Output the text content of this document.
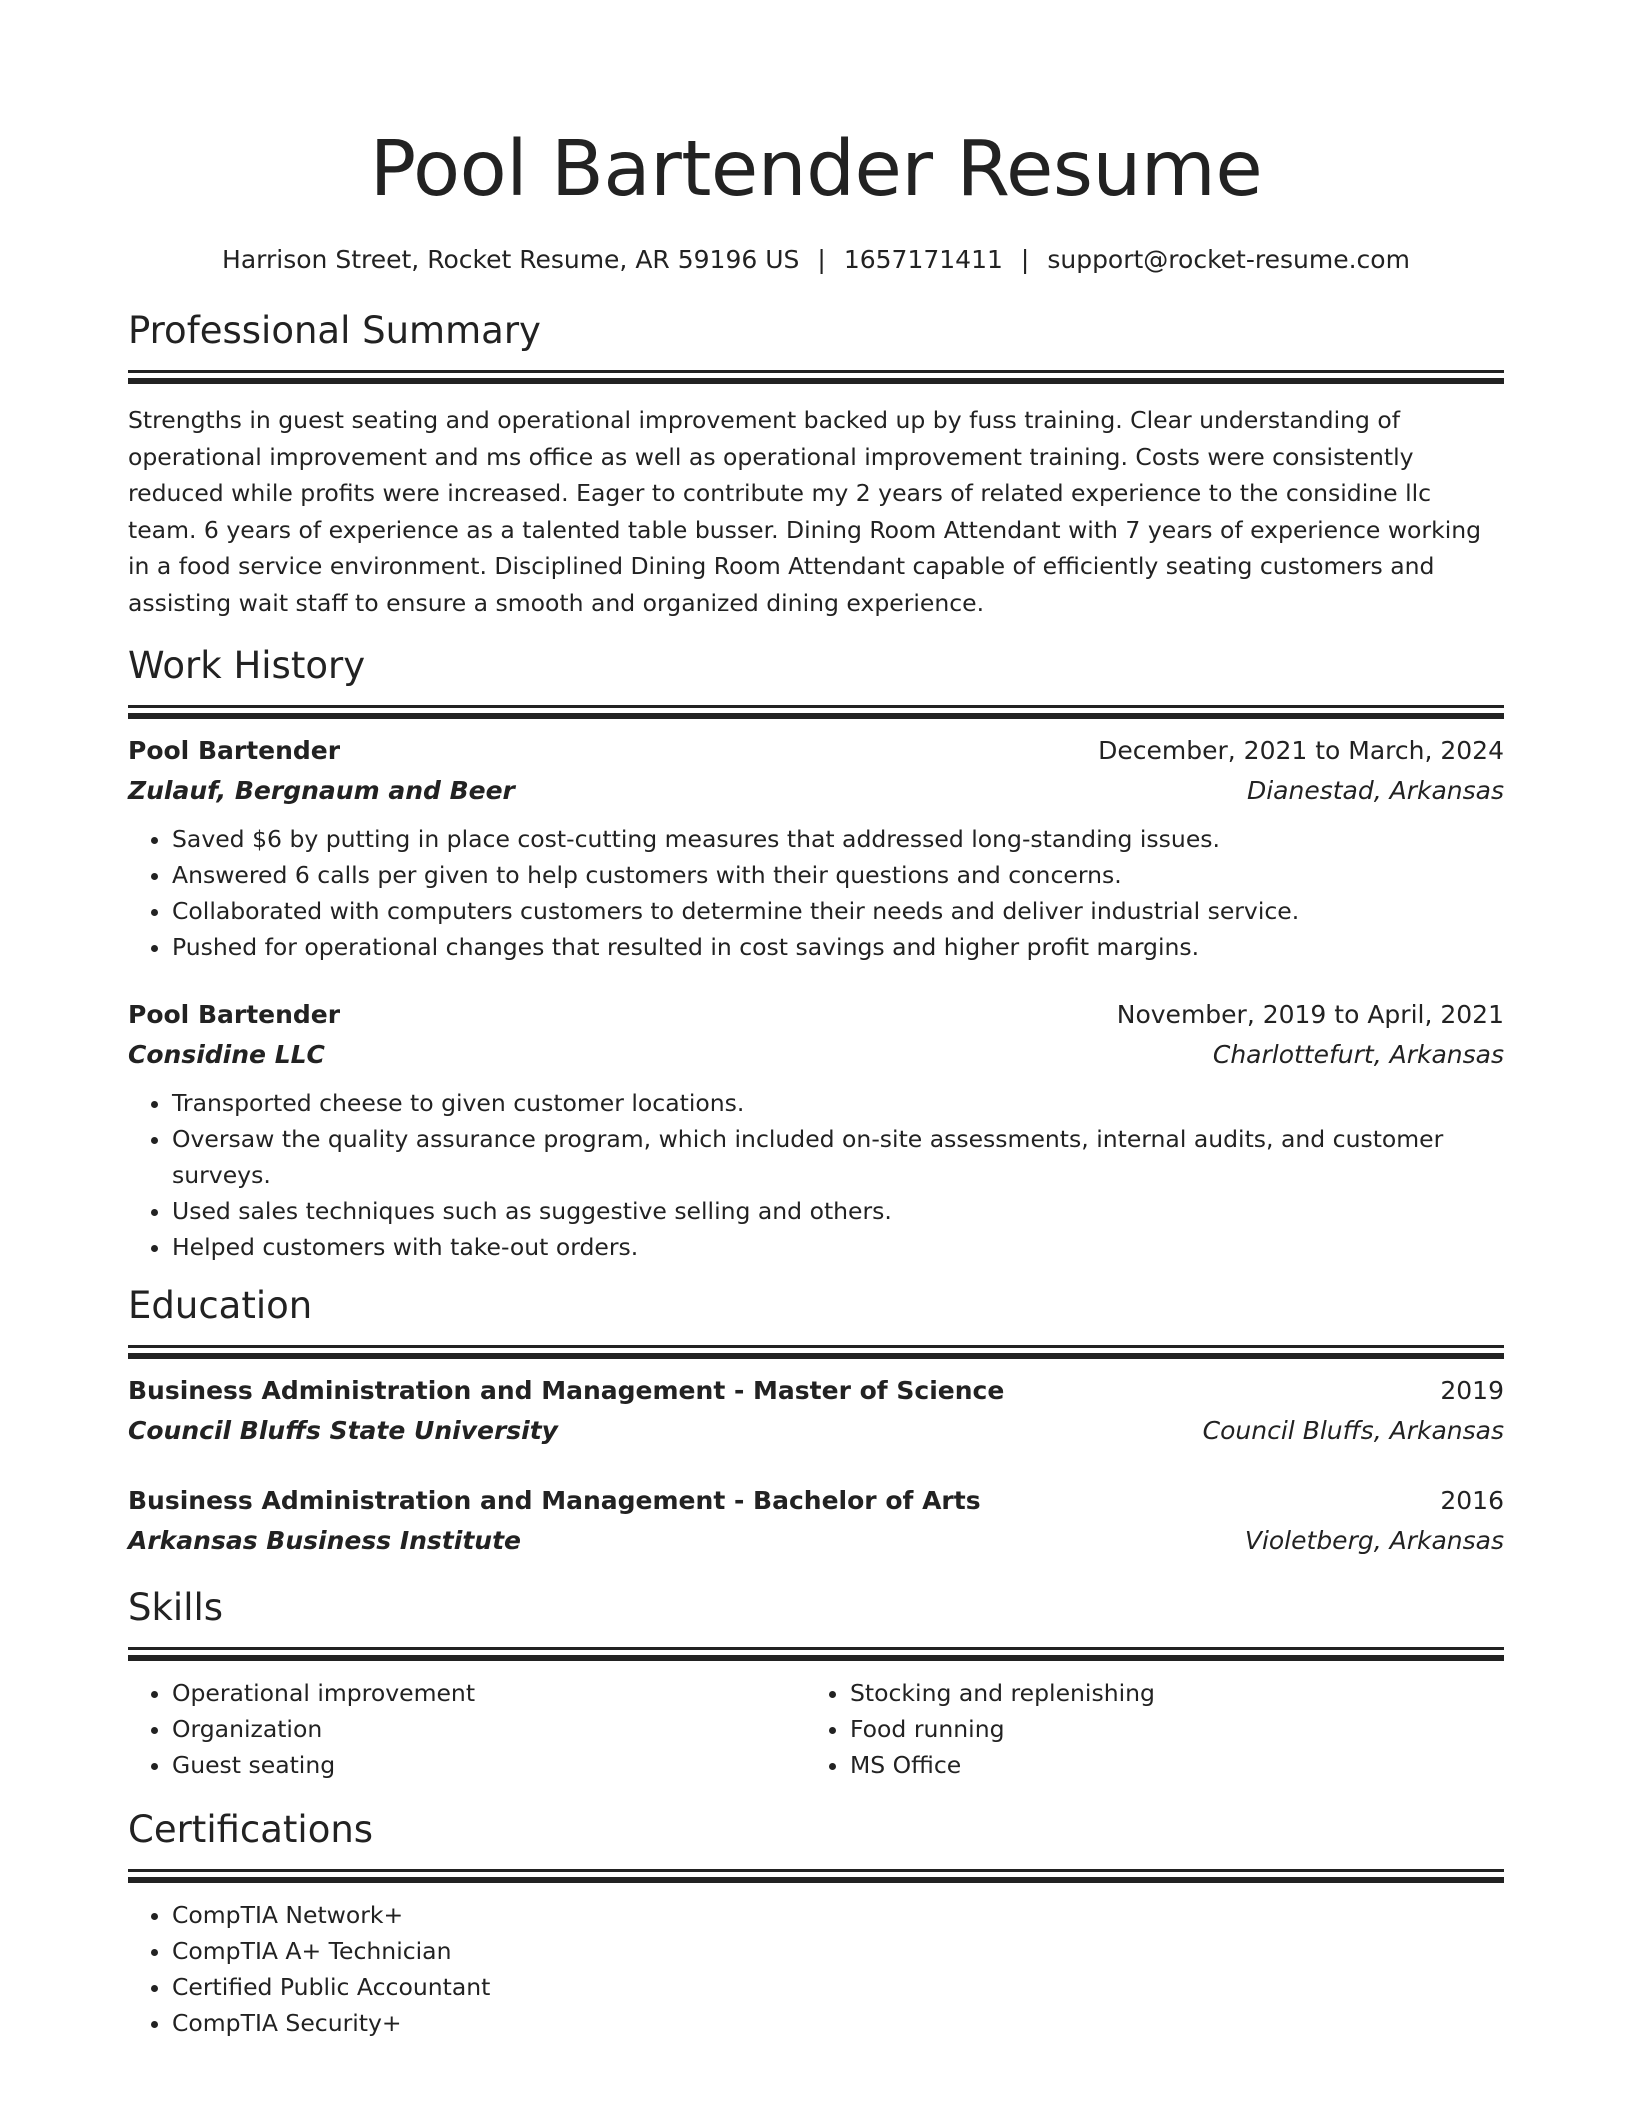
Pool Bartender Resume
Harrison Street, Rocket Resume, AR 59196 US | 1657171411 | support@rocket-resume.com
Professional Summary

Strengths in guest seating and operational improvement backed up by fuss training. Clear understanding of operational improvement and ms office as well as operational improvement training. Costs were consistently reduced while profits were increased. Eager to contribute my 2 years of related experience to the considine llc team. 6 years of experience as a talented table busser. Dining Room Attendant with 7 years of experience working in a food service environment. Disciplined Dining Room Attendant capable of efficiently seating customers and assisting wait staff to ensure a smooth and organized dining experience.

Work History
Pool Bartender	December, 2021 to March, 2024
Zulauf, Bergnaum and Beer	Dianestad, Arkansas
• Saved $6 by putting in place cost-cutting measures that addressed long-standing issues.
• Answered 6 calls per given to help customers with their questions and concerns.
• Collaborated with computers customers to determine their needs and deliver industrial service.
• Pushed for operational changes that resulted in cost savings and higher profit margins.
Pool Bartender	November, 2019 to April, 2021
Considine LLC	Charlottefurt, Arkansas
• Transported cheese to given customer locations.
• Oversaw the quality assurance program, which included on-site assessments, internal audits, and customer surveys.
• Used sales techniques such as suggestive selling and others.
• Helped customers with take-out orders.
Education
Business Administration and Management - Master of Science	2019
Council Bluffs State University	Council Bluffs, Arkansas
Business Administration and Management - Bachelor of Arts	2016
Arkansas Business Institute	Violetberg, Arkansas
Skills
• Operational improvement
• Organization
• Guest seating
• Stocking and replenishing
• Food running
• MS Office
Certifications
• CompTIA Network+
• CompTIA A+ Technician
• Certified Public Accountant
• CompTIA Security+
